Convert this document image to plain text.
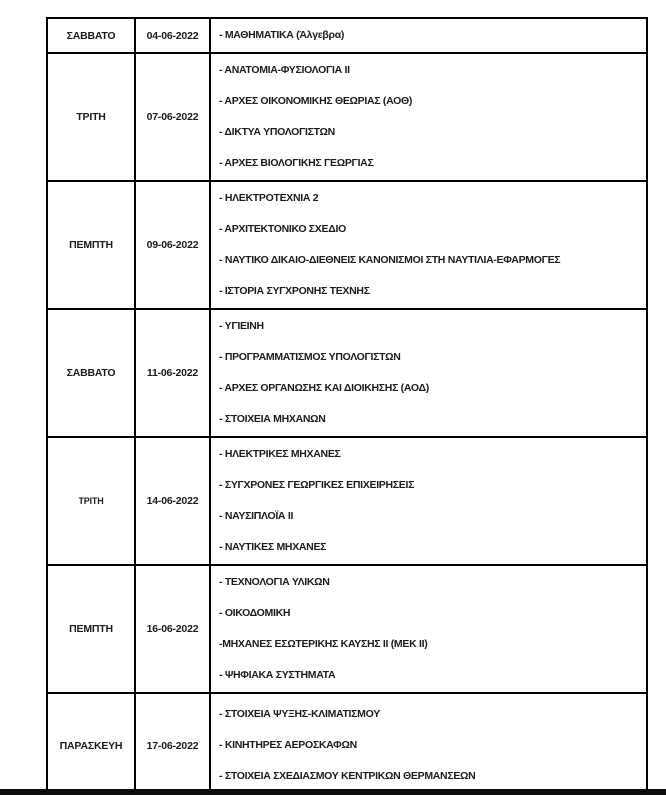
ΣΑΒΒΑΤΟ	04-06-2022	- ΜΑΘΗΜΑΤΙΚΑ (Άλγεβρα)

ΤΡΙΤΗ	07-06-2022	- ΑΝΑΤΟΜΙΑ-ΦΥΣΙΟΛΟΓΙΑ II
- ΑΡΧΕΣ ΟΙΚΟΝΟΜΙΚΗΣ ΘΕΩΡΙΑΣ (ΑΟΘ)
- ΔΙΚΤΥΑ ΥΠΟΛΟΓΙΣΤΩΝ
- ΑΡΧΕΣ ΒΙΟΛΟΓΙΚΗΣ ΓΕΩΡΓΙΑΣ

ΠΕΜΠΤΗ	09-06-2022	- ΗΛΕΚΤΡΟΤΕΧΝΙΑ 2
- ΑΡΧΙΤΕΚΤΟΝΙΚΟ ΣΧΕΔΙΟ
- ΝΑΥΤΙΚΟ ΔΙΚΑΙΟ-ΔΙΕΘΝΕΙΣ ΚΑΝΟΝΙΣΜΟΙ ΣΤΗ ΝΑΥΤΙΛΙΑ-ΕΦΑΡΜΟΓΕΣ
- ΙΣΤΟΡΙΑ ΣΥΓΧΡΟΝΗΣ ΤΕΧΝΗΣ

ΣΑΒΒΑΤΟ	11-06-2022	- ΥΓΙΕΙΝΗ
- ΠΡΟΓΡΑΜΜΑΤΙΣΜΟΣ ΥΠΟΛΟΓΙΣΤΩΝ
- ΑΡΧΕΣ ΟΡΓΑΝΩΣΗΣ ΚΑΙ ΔΙΟΙΚΗΣΗΣ (ΑΟΔ)
- ΣΤΟΙΧΕΙΑ ΜΗΧΑΝΩΝ

ΤΡΙΤΗ	14-06-2022	- ΗΛΕΚΤΡΙΚΕΣ ΜΗΧΑΝΕΣ
- ΣΥΓΧΡΟΝΕΣ ΓΕΩΡΓΙΚΕΣ ΕΠΙΧΕΙΡΗΣΕΙΣ
- ΝΑΥΣΙΠΛΟΪΑ II
- ΝΑΥΤΙΚΕΣ ΜΗΧΑΝΕΣ

ΠΕΜΠΤΗ	16-06-2022	- ΤΕΧΝΟΛΟΓΙΑ ΥΛΙΚΩΝ
- ΟΙΚΟΔΟΜΙΚΗ
-ΜΗΧΑΝΕΣ ΕΣΩΤΕΡΙΚΗΣ ΚΑΥΣΗΣ II (ΜΕΚ II)
- ΨΗΦΙΑΚΑ ΣΥΣΤΗΜΑΤΑ

ΠΑΡΑΣΚΕΥΗ	17-06-2022	- ΣΤΟΙΧΕΙΑ ΨΥΞΗΣ-ΚΛΙΜΑΤΙΣΜΟΥ
- ΚΙΝΗΤΗΡΕΣ ΑΕΡΟΣΚΑΦΩΝ
- ΣΤΟΙΧΕΙΑ ΣΧΕΔΙΑΣΜΟΥ ΚΕΝΤΡΙΚΩΝ ΘΕΡΜΑΝΣΕΩΝ
